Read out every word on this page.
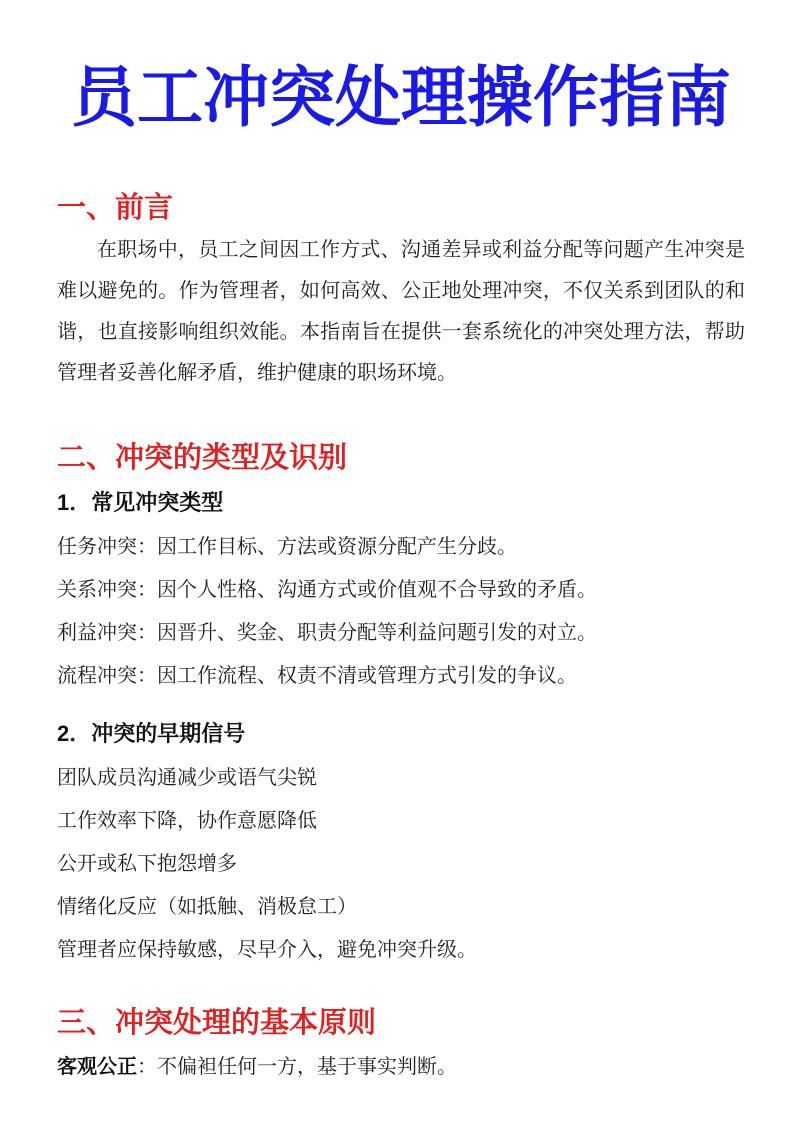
员工冲突处理操作指南
一、前言

在职场中，员工之间因工作方式、沟通差异或利益分配等问题产生冲突是难以避免的。作为管理者，如何高效、公正地处理冲突，不仅关系到团队的和谐，也直接影响组织效能。本指南旨在提供一套系统化的冲突处理方法，帮助管理者妥善化解矛盾，维护健康的职场环境。

二、冲突的类型及识别
1．常见冲突类型

任务冲突：因工作目标、方法或资源分配产生分歧。

关系冲突：因个人性格、沟通方式或价值观不合导致的矛盾。

利益冲突：因晋升、奖金、职责分配等利益问题引发的对立。

流程冲突：因工作流程、权责不清或管理方式引发的争议。

2．冲突的早期信号

团队成员沟通减少或语气尖锐

工作效率下降，协作意愿降低

公开或私下抱怨增多

情绪化反应（如抵触、消极怠工）

管理者应保持敏感，尽早介入，避免冲突升级。

三、冲突处理的基本原则

客观公正：不偏袒任何一方，基于事实判断。
